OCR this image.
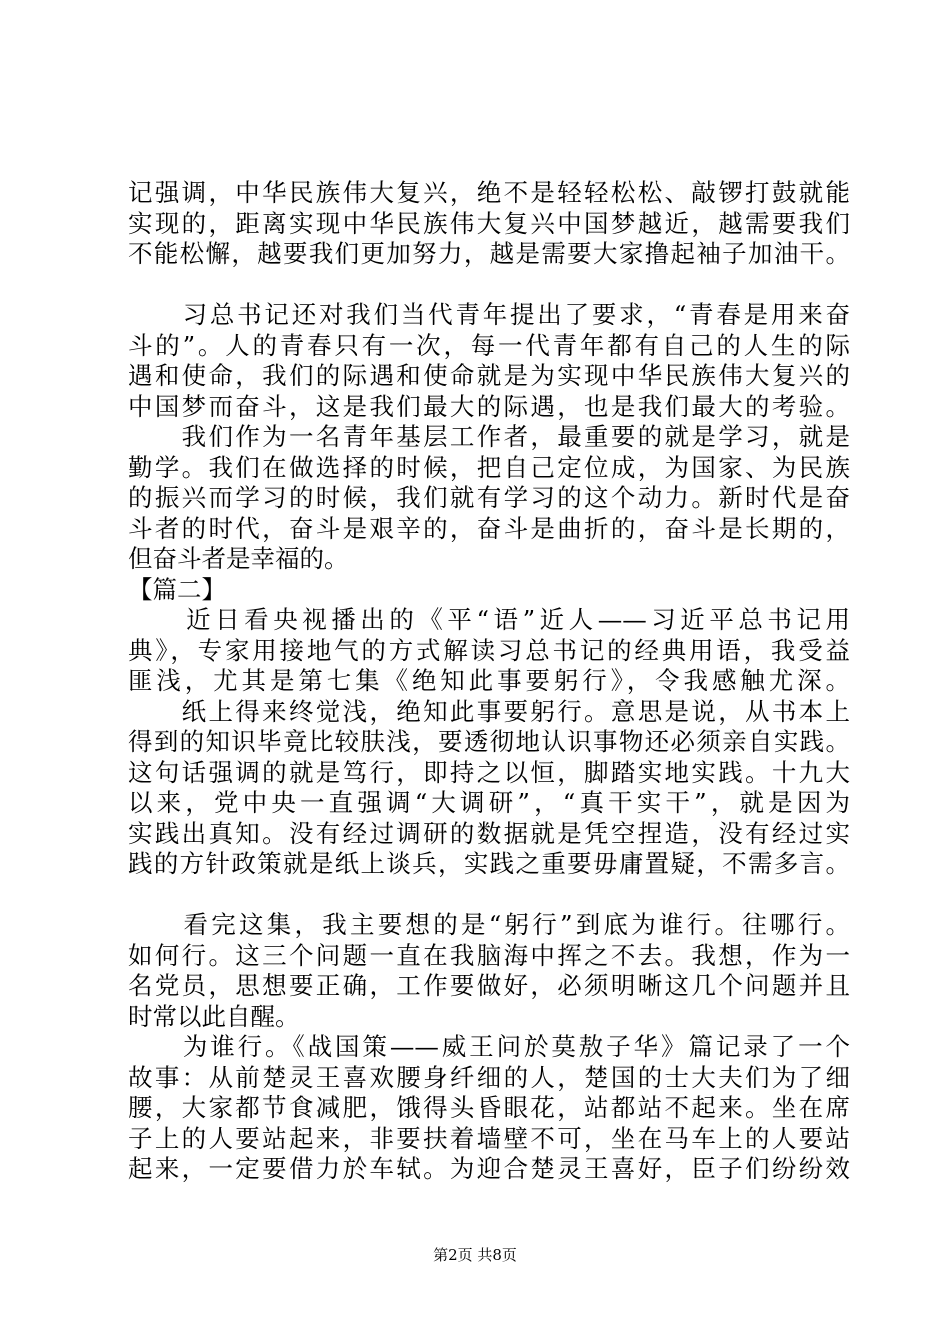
记强调，中华民族伟大复兴，绝不是轻轻松松、敲锣打鼓就能
实现的，距离实现中华民族伟大复兴中国梦越近，越需要我们
不能松懈，越要我们更加努力，越是需要大家撸起袖子加油干。
　　习总书记还对我们当代青年提出了要求，“青春是用来奋
斗的”。人的青春只有一次，每一代青年都有自己的人生的际
遇和使命，我们的际遇和使命就是为实现中华民族伟大复兴的
中国梦而奋斗，这是我们最大的际遇，也是我们最大的考验。
　　我们作为一名青年基层工作者，最重要的就是学习，就是
勤学。我们在做选择的时候，把自己定位成，为国家、为民族
的振兴而学习的时候，我们就有学习的这个动力。新时代是奋
斗者的时代，奋斗是艰辛的，奋斗是曲折的，奋斗是长期的，
但奋斗者是幸福的。
【篇二】
　　近日看央视播出的《平“语”近人——习近平总书记用
典》，专家用接地气的方式解读习总书记的经典用语，我受益
匪浅，尤其是第七集《绝知此事要躬行》，令我感触尤深。
　　纸上得来终觉浅，绝知此事要躬行。意思是说，从书本上
得到的知识毕竟比较肤浅，要透彻地认识事物还必须亲自实践。
这句话强调的就是笃行，即持之以恒，脚踏实地实践。十九大
以来，党中央一直强调“大调研”，“真干实干”，就是因为
实践出真知。没有经过调研的数据就是凭空捏造，没有经过实
践的方针政策就是纸上谈兵，实践之重要毋庸置疑，不需多言。
　　看完这集，我主要想的是“躬行”到底为谁行。往哪行。
如何行。这三个问题一直在我脑海中挥之不去。我想，作为一
名党员，思想要正确，工作要做好，必须明晰这几个问题并且
时常以此自醒。
　　为谁行。《战国策——威王问於莫敖子华》篇记录了一个
故事：从前楚灵王喜欢腰身纤细的人，楚国的士大夫们为了细
腰，大家都节食减肥，饿得头昏眼花，站都站不起来。坐在席
子上的人要站起来，非要扶着墙壁不可，坐在马车上的人要站
起来，一定要借力於车轼。为迎合楚灵王喜好，臣子们纷纷效
第2页 共8页
